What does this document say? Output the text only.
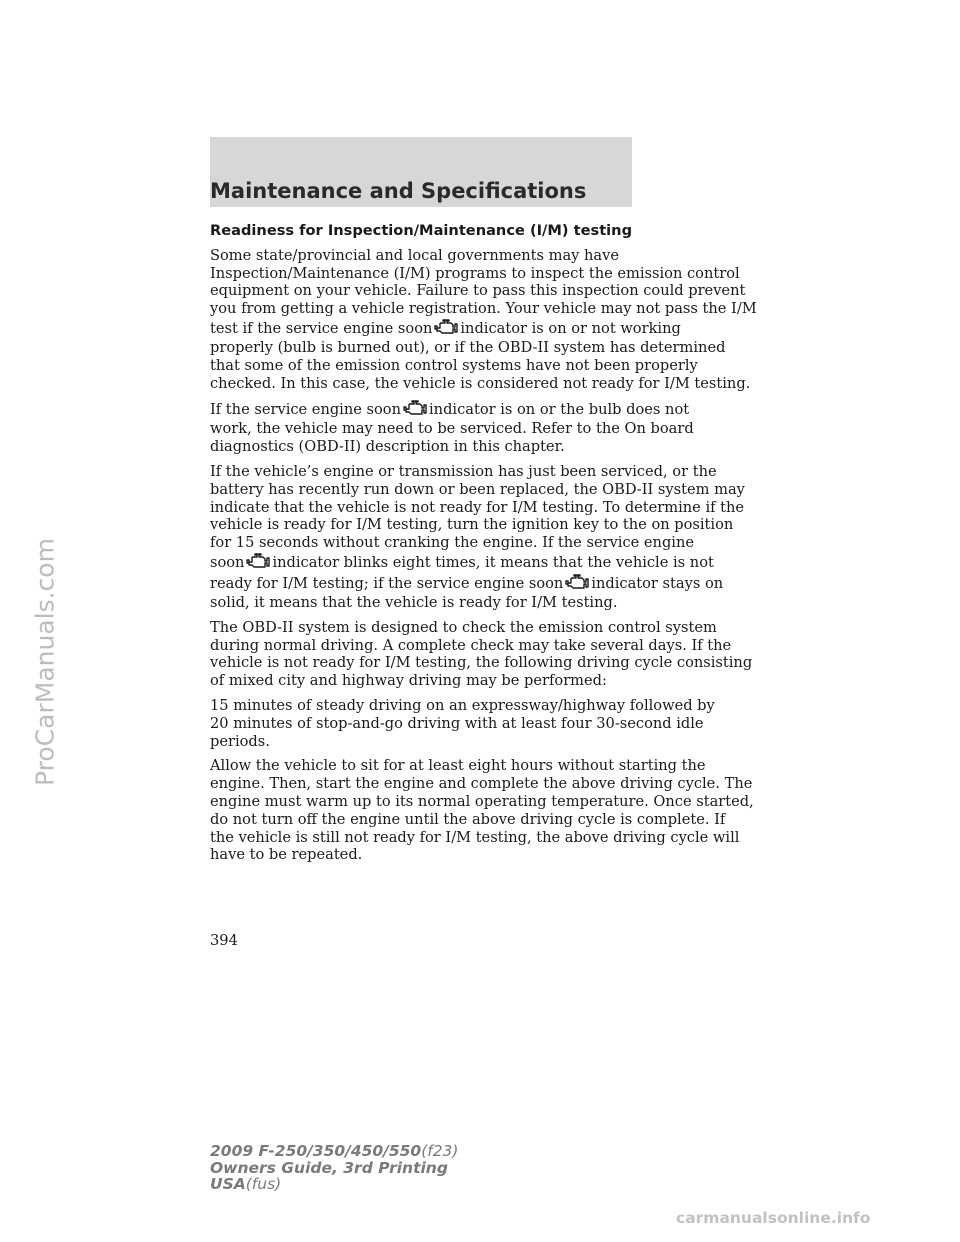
Maintenance and Specifications
Readiness for Inspection/Maintenance (I/M) testing
Some state/provincial and local governments may have
Inspection/Maintenance (I/M) programs to inspect the emission control
equipment on your vehicle. Failure to pass this inspection could prevent
you from getting a vehicle registration. Your vehicle may not pass the I/M
test if the service engine soon indicator is on or not working
properly (bulb is burned out), or if the OBD-II system has determined
that some of the emission control systems have not been properly
checked. In this case, the vehicle is considered not ready for I/M testing.
If the service engine soon indicator is on or the bulb does not
work, the vehicle may need to be serviced. Refer to the On board
diagnostics (OBD-II) description in this chapter.
If the vehicle’s engine or transmission has just been serviced, or the
battery has recently run down or been replaced, the OBD-II system may
indicate that the vehicle is not ready for I/M testing. To determine if the
vehicle is ready for I/M testing, turn the ignition key to the on position
for 15 seconds without cranking the engine. If the service engine
soon indicator blinks eight times, it means that the vehicle is not
ready for I/M testing; if the service engine soon indicator stays on
solid, it means that the vehicle is ready for I/M testing.
The OBD-II system is designed to check the emission control system
during normal driving. A complete check may take several days. If the
vehicle is not ready for I/M testing, the following driving cycle consisting
of mixed city and highway driving may be performed:
15 minutes of steady driving on an expressway/highway followed by
20 minutes of stop-and-go driving with at least four 30-second idle
periods.
Allow the vehicle to sit for at least eight hours without starting the
engine. Then, start the engine and complete the above driving cycle. The
engine must warm up to its normal operating temperature. Once started,
do not turn off the engine until the above driving cycle is complete. If
the vehicle is still not ready for I/M testing, the above driving cycle will
have to be repeated.
394
2009 F-250/350/450/550(f23)
Owners Guide, 3rd Printing
USA(fus)
ProCarManuals.com
carmanualsonline.info
